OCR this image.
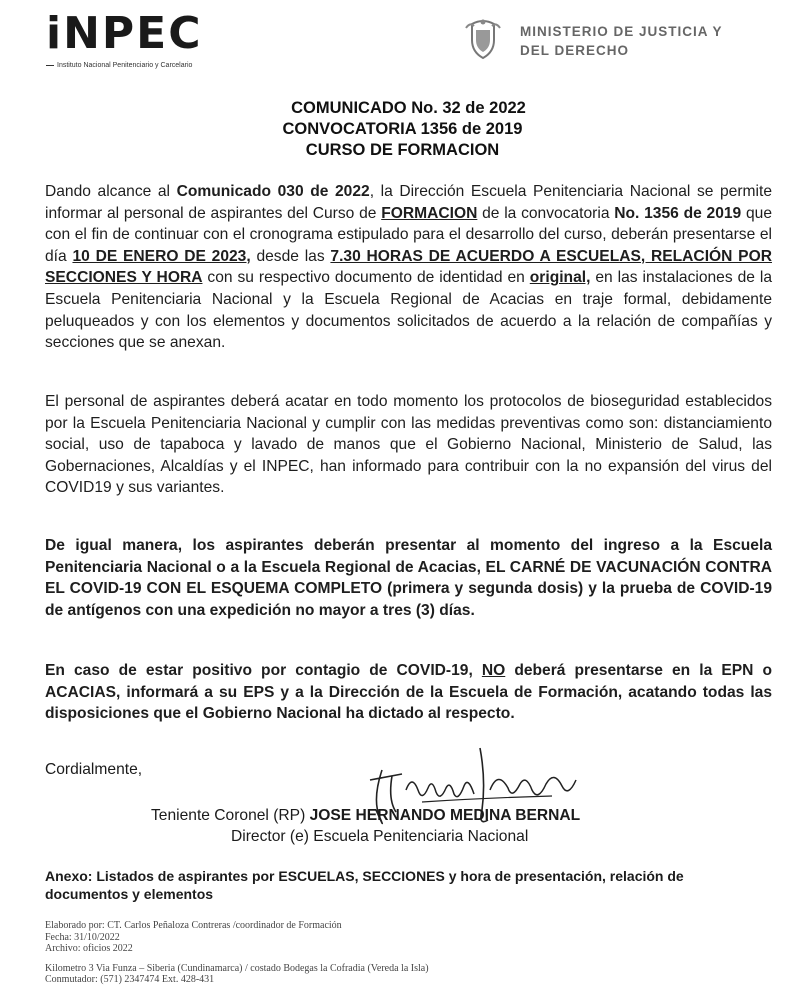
iNPEC
Instituto Nacional Penitenciario y Carcelario
MINISTERIO DE JUSTICIA Y
DEL DERECHO
COMUNICADO No. 32 de 2022
CONVOCATORIA 1356 de 2019
CURSO DE FORMACION
Dando alcance al Comunicado 030 de 2022, la Dirección Escuela Penitenciaria Nacional se permite informar al personal de aspirantes del Curso de FORMACION de la convocatoria No. 1356 de 2019 que con el fin de continuar con el cronograma estipulado para el desarrollo del curso, deberán presentarse el día 10 DE ENERO DE 2023, desde las 7.30 HORAS DE ACUERDO A ESCUELAS, RELACIÓN POR SECCIONES Y HORA con su respectivo documento de identidad en original, en las instalaciones de la Escuela Penitenciaria Nacional y la Escuela Regional de Acacias en traje formal, debidamente peluqueados y con los elementos y documentos solicitados de acuerdo a la relación de compañías y secciones que se anexan.
El personal de aspirantes deberá acatar en todo momento los protocolos de bioseguridad establecidos por la Escuela Penitenciaria Nacional y cumplir con las medidas preventivas como son: distanciamiento social, uso de tapaboca y lavado de manos que el Gobierno Nacional, Ministerio de Salud, las Gobernaciones, Alcaldías y el INPEC, han informado para contribuir con la no expansión del virus del COVID19 y sus variantes.
De igual manera, los aspirantes deberán presentar al momento del ingreso a la Escuela Penitenciaria Nacional o a la Escuela Regional de Acacias, EL CARNÉ DE VACUNACIÓN CONTRA EL COVID-19 CON EL ESQUEMA COMPLETO (primera y segunda dosis) y la prueba de COVID-19 de antígenos con una expedición no mayor a tres (3) días.
En caso de estar positivo por contagio de COVID-19, NO deberá presentarse en la EPN o ACACIAS, informará a su EPS y a la Dirección de la Escuela de Formación, acatando todas las disposiciones que el Gobierno Nacional ha dictado al respecto.
Cordialmente,
Teniente Coronel (RP) JOSE HERNANDO MEDINA BERNAL
Director (e) Escuela Penitenciaria Nacional
Anexo: Listados de aspirantes por ESCUELAS, SECCIONES y hora de presentación, relación de documentos y elementos
Elaborado por: CT. Carlos Peñaloza Contreras /coordinador de Formación
Fecha: 31/10/2022
Archivo: oficios 2022
Kilometro 3 Via Funza – Siberia (Cundinamarca) / costado Bodegas la Cofradia (Vereda la Isla)
Conmutador: (571) 2347474 Ext. 428-431
